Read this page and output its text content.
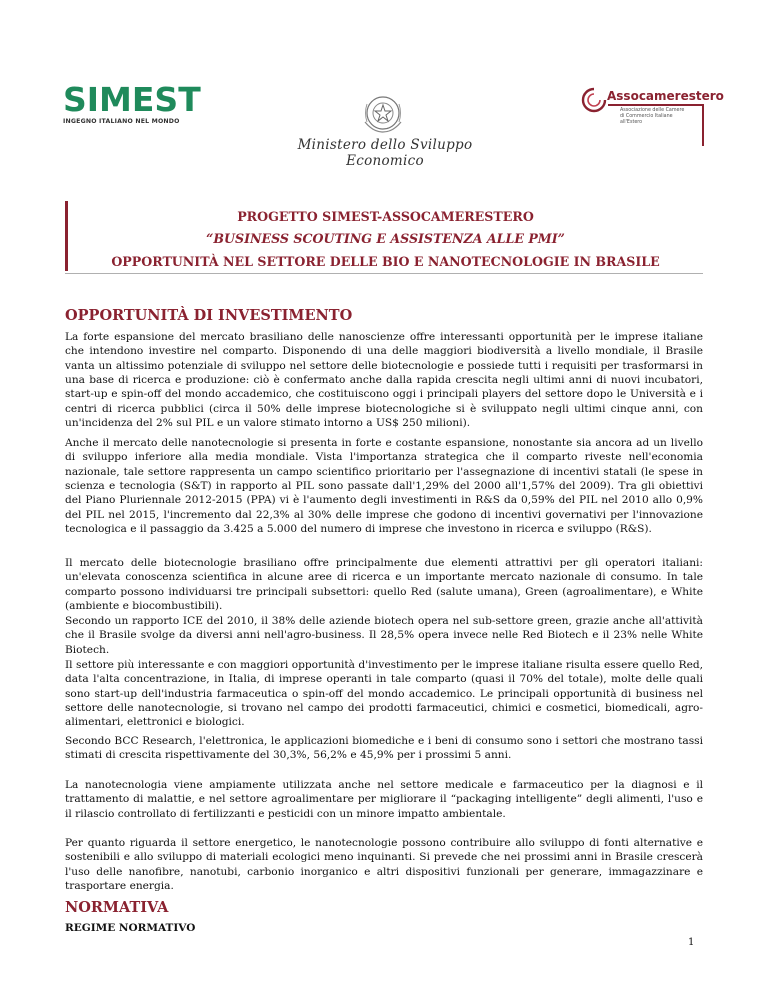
SIMEST
INGEGNO ITALIANO NEL MONDO
Ministero dello Sviluppo Economico
Assocamerestero
Associazione delle Camere di Commercio Italiane all'Estero
PROGETTO SIMEST-ASSOCAMERESTERO
“BUSINESS SCOUTING E ASSISTENZA ALLE PMI”
OPPORTUNITÀ NEL SETTORE DELLE BIO E NANOTECNOLOGIE IN BRASILE
OPPORTUNITÀ DI INVESTIMENTO

La forte espansione del mercato brasiliano delle nanoscienze offre interessanti opportunità per le imprese italiane che intendono investire nel comparto. Disponendo di una delle maggiori biodiversità a livello mondiale, il Brasile vanta un altissimo potenziale di sviluppo nel settore delle biotecnologie e possiede tutti i requisiti per trasformarsi in una base di ricerca e produzione: ciò è confermato anche dalla rapida crescita negli ultimi anni di nuovi incubatori, start-up e spin-off del mondo accademico, che costituiscono oggi i principali players del settore dopo le Università e i centri di ricerca pubblici (circa il 50% delle imprese biotecnologiche si è sviluppato negli ultimi cinque anni, con un'incidenza del 2% sul PIL e un valore stimato intorno a US$ 250 milioni).

Anche il mercato delle nanotecnologie si presenta in forte e costante espansione, nonostante sia ancora ad un livello di sviluppo inferiore alla media mondiale. Vista l'importanza strategica che il comparto riveste nell'economia nazionale, tale settore rappresenta un campo scientifico prioritario per l'assegnazione di incentivi statali (le spese in scienza e tecnologia (S&T) in rapporto al PIL sono passate dall'1,29% del 2000 all'1,57% del 2009). Tra gli obiettivi del Piano Pluriennale 2012-2015 (PPA) vi è l'aumento degli investimenti in R&S da 0,59% del PIL nel 2010 allo 0,9% del PIL nel 2015, l'incremento dal 22,3% al 30% delle imprese che godono di incentivi governativi per l'innovazione tecnologica e il passaggio da 3.425 a 5.000 del numero di imprese che investono in ricerca e sviluppo (R&S).

Il mercato delle biotecnologie brasiliano offre principalmente due elementi attrattivi per gli operatori italiani: un'elevata conoscenza scientifica in alcune aree di ricerca e un importante mercato nazionale di consumo. In tale comparto possono individuarsi tre principali subsettori: quello Red (salute umana), Green (agroalimentare), e White (ambiente e biocombustibili).

Secondo un rapporto ICE del 2010, il 38% delle aziende biotech opera nel sub-settore green, grazie anche all'attività che il Brasile svolge da diversi anni nell'agro-business. Il 28,5% opera invece nelle Red Biotech e il 23% nelle White Biotech.

Il settore più interessante e con maggiori opportunità d'investimento per le imprese italiane risulta essere quello Red, data l'alta concentrazione, in Italia, di imprese operanti in tale comparto (quasi il 70% del totale), molte delle quali sono start-up dell'industria farmaceutica o spin-off del mondo accademico. Le principali opportunità di business nel settore delle nanotecnologie, si trovano nel campo dei prodotti farmaceutici, chimici e cosmetici, biomedicali, agro-alimentari, elettronici e biologici.

Secondo BCC Research, l'elettronica, le applicazioni biomediche e i beni di consumo sono i settori che mostrano tassi stimati di crescita rispettivamente del 30,3%, 56,2% e 45,9% per i prossimi 5 anni.

La nanotecnologia viene ampiamente utilizzata anche nel settore medicale e farmaceutico per la diagnosi e il trattamento di malattie, e nel settore agroalimentare per migliorare il “packaging intelligente” degli alimenti, l'uso e il rilascio controllato di fertilizzanti e pesticidi con un minore impatto ambientale.

Per quanto riguarda il settore energetico, le nanotecnologie possono contribuire allo sviluppo di fonti alternative e sostenibili e allo sviluppo di materiali ecologici meno inquinanti. Si prevede che nei prossimi anni in Brasile crescerà l'uso delle nanofibre, nanotubi, carbonio inorganico e altri dispositivi funzionali per generare, immagazzinare e trasportare energia.

NORMATIVA
REGIME NORMATIVO
1
